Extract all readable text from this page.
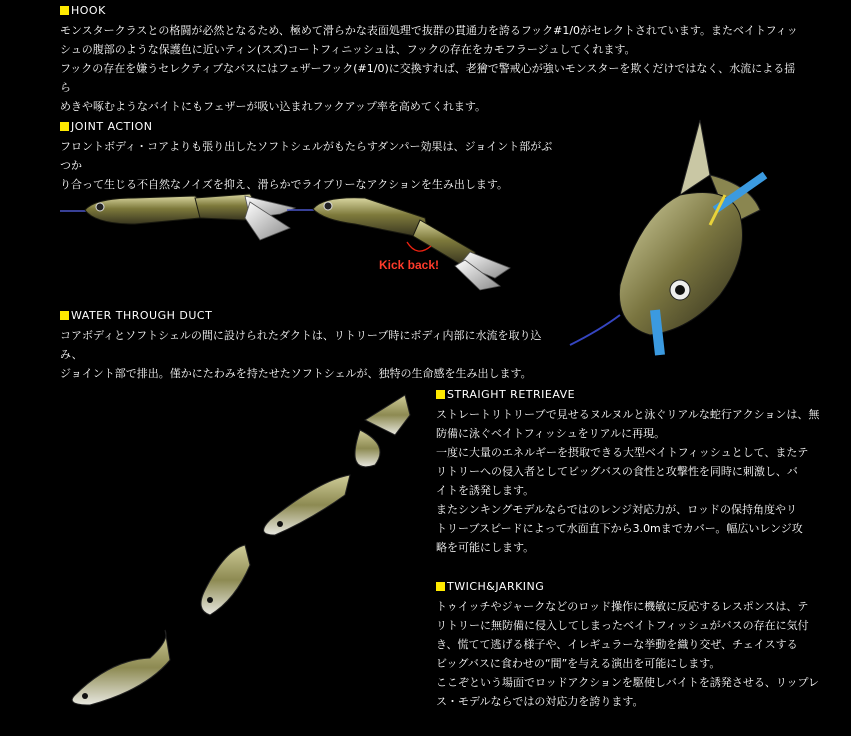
HOOK

モンスタークラスとの格闘が必然となるため、極めて滑らかな表面処理で抜群の貫通力を誇るフック#1/0がセレクトされています。またベイトフィッ

シュの腹部のような保護色に近いティン(スズ)コートフィニッシュは、フックの存在をカモフラージュしてくれます。

フックの存在を嫌うセレクティブなバスにはフェザーフック(#1/0)に交換すれば、老獪で警戒心が強いモンスターを欺くだけではなく、水流による揺ら

めきや啄むようなバイトにもフェザーが吸い込まれフックアップ率を高めてくれます。

JOINT ACTION

フロントボディ・コアよりも張り出したソフトシェルがもたらすダンパー効果は、ジョイント部がぶつか

り合って生じる不自然なノイズを抑え、滑らかでライブリーなアクションを生み出します。

Kick back!
WATER THROUGH DUCT

コアボディとソフトシェルの間に設けられたダクトは、リトリーブ時にボディ内部に水流を取り込み、

ジョイント部で排出。僅かにたわみを持たせたソフトシェルが、独特の生命感を生み出します。

STRAIGHT RETRIEAVE

ストレートリトリーブで見せるヌルヌルと泳ぐリアルな蛇行アクションは、無

防備に泳ぐベイトフィッシュをリアルに再現。

一度に大量のエネルギーを摂取できる大型ベイトフィッシュとして、またテ

リトリーへの侵入者としてビッグバスの食性と攻撃性を同時に刺激し、バ

イトを誘発します。

またシンキングモデルならではのレンジ対応力が、ロッドの保持角度やリ

トリーブスピードによって水面直下から3.0mまでカバー。幅広いレンジ攻

略を可能にします。

TWICH&JARKING

トゥイッチやジャークなどのロッド操作に機敏に反応するレスポンスは、テ

リトリーに無防備に侵入してしまったベイトフィッシュがバスの存在に気付

き、慌てて逃げる様子や、イレギュラーな挙動を織り交ぜ、チェイスする

ビッグバスに食わせの“間”を与える演出を可能にします。

ここぞという場面でロッドアクションを駆使しバイトを誘発させる、リップレ

ス・モデルならではの対応力を誇ります。
